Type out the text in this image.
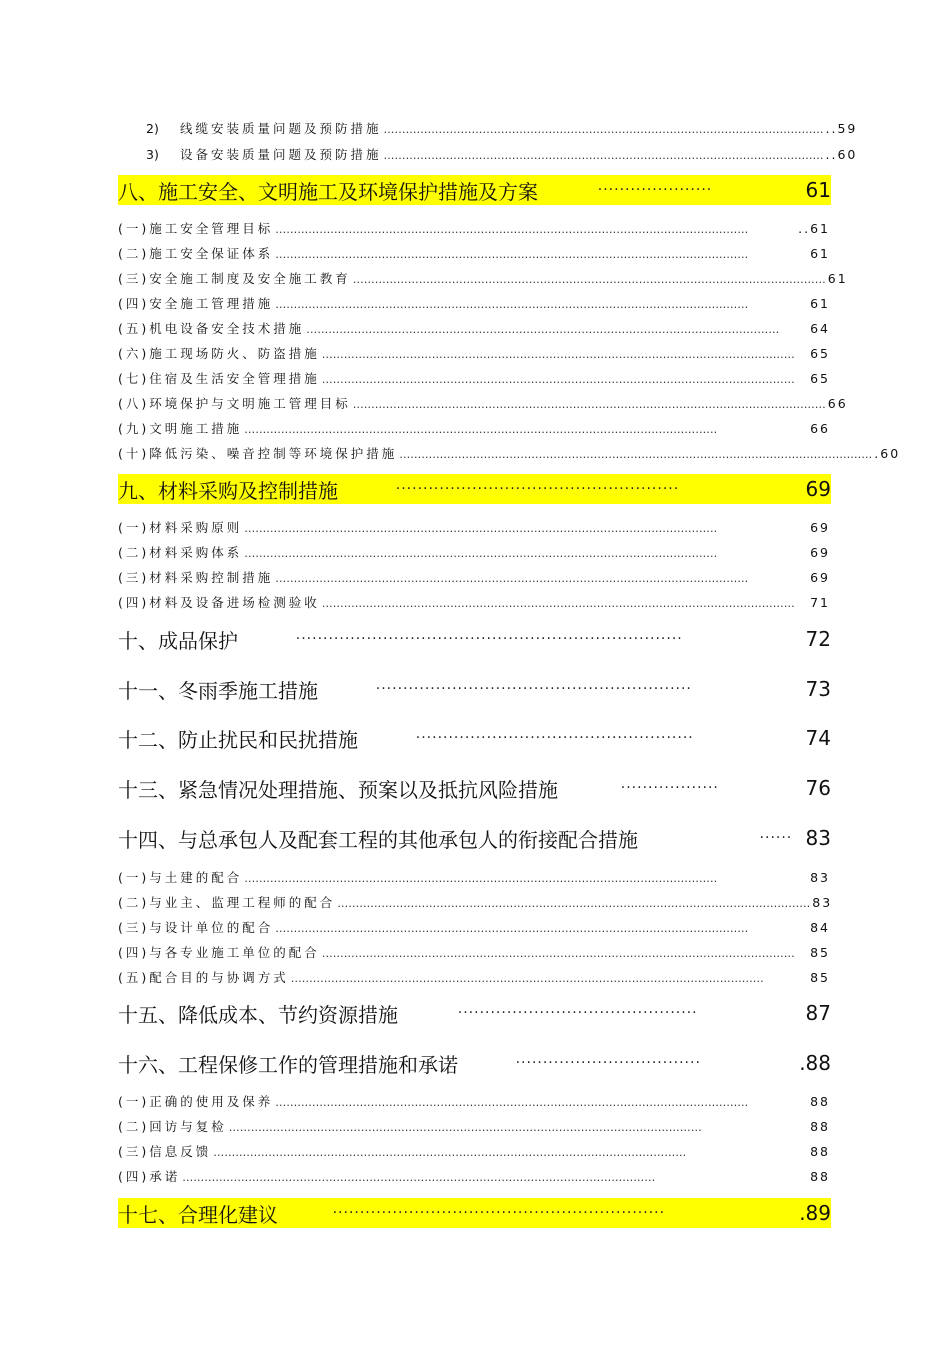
2) 线缆安装质量问题及预防措施 ………………………………………………………………………………………………………… ..59
3) 设备安装质量问题及预防措施 ………………………………………………………………………………………………………… ..60
八、施工安全、文明施工及环境保护措施及方案	·····················	61
(一)施工安全管理目标 …………………………………………………………………………………………………………………	..61
(二)施工安全保证体系 …………………………………………………………………………………………………………………	61
(三)安全施工制度及安全施工教育 ………………………………………………………………………………………………………………… 61
(四)安全施工管理措施 …………………………………………………………………………………………………………………	61
(五)机电设备安全技术措施 …………………………………………………………………………………………………………………	64
(六)施工现场防火、防盗措施 …………………………………………………………………………………………………………………	65
(七)住宿及生活安全管理措施 …………………………………………………………………………………………………………………	65
(八)环境保护与文明施工管理目标 ………………………………………………………………………………………………………………… 66
(九)文明施工措施 …………………………………………………………………………………………………………………	66
(十)降低污染、噪音控制等环境保护措施 ………………………………………………………………………………………………………………… .60
九、材料采购及控制措施	····················································	69
(一)材料采购原则 …………………………………………………………………………………………………………………	69
(二)材料采购体系 …………………………………………………………………………………………………………………	69
(三)材料采购控制措施 …………………………………………………………………………………………………………………	69
(四)材料及设备进场检测验收 …………………………………………………………………………………………………………………	71
十、成品保护	·······································································	72
十一、冬雨季施工措施	··························································	73
十二、防止扰民和民扰措施	···················································	74
十三、紧急情况处理措施、预案以及抵抗风险措施	··················	76
十四、与总承包人及配套工程的其他承包人的衔接配合措施	······ 83
(一)与土建的配合 …………………………………………………………………………………………………………………	83
(二)与业主、监理工程师的配合 ………………………………………………………………………………………………………………… 83
(三)与设计单位的配合 …………………………………………………………………………………………………………………	84
(四)与各专业施工单位的配合 …………………………………………………………………………………………………………………	85
(五)配合目的与协调方式 …………………………………………………………………………………………………………………	85
十五、降低成本、节约资源措施	············································	87
十六、工程保修工作的管理措施和承诺	··································	.88
(一)正确的使用及保养 …………………………………………………………………………………………………………………	88
(二)回访与复检 …………………………………………………………………………………………………………………	88
(三)信息反馈 …………………………………………………………………………………………………………………	88
(四)承诺 …………………………………………………………………………………………………………………	88
十七、合理化建议	·····························································	.89
